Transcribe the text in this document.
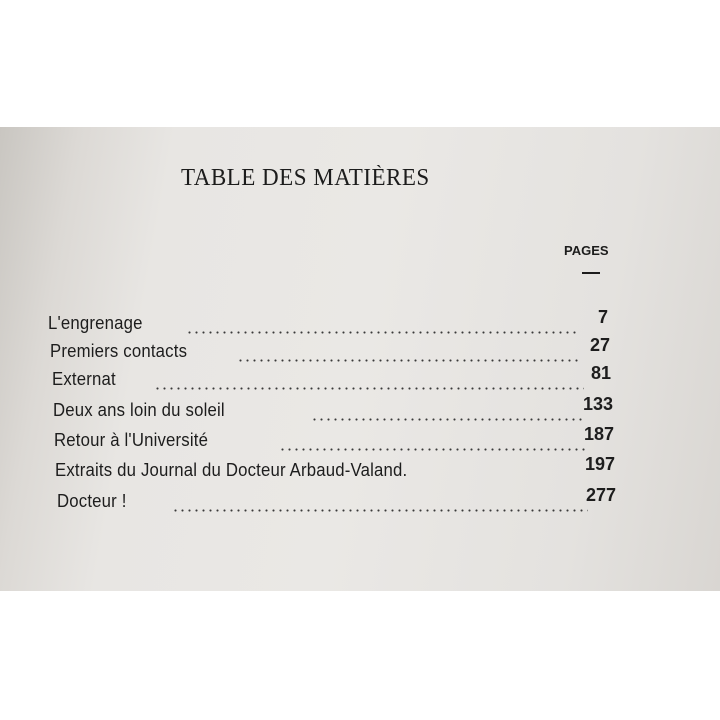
TABLE DES MATIÈRES
PAGES
L'engrenage	7
Premiers contacts	27
Externat	81
Deux ans loin du soleil	133
Retour à l'Université	187
Extraits du Journal du Docteur Arbaud-Valand.	197
Docteur !	277
